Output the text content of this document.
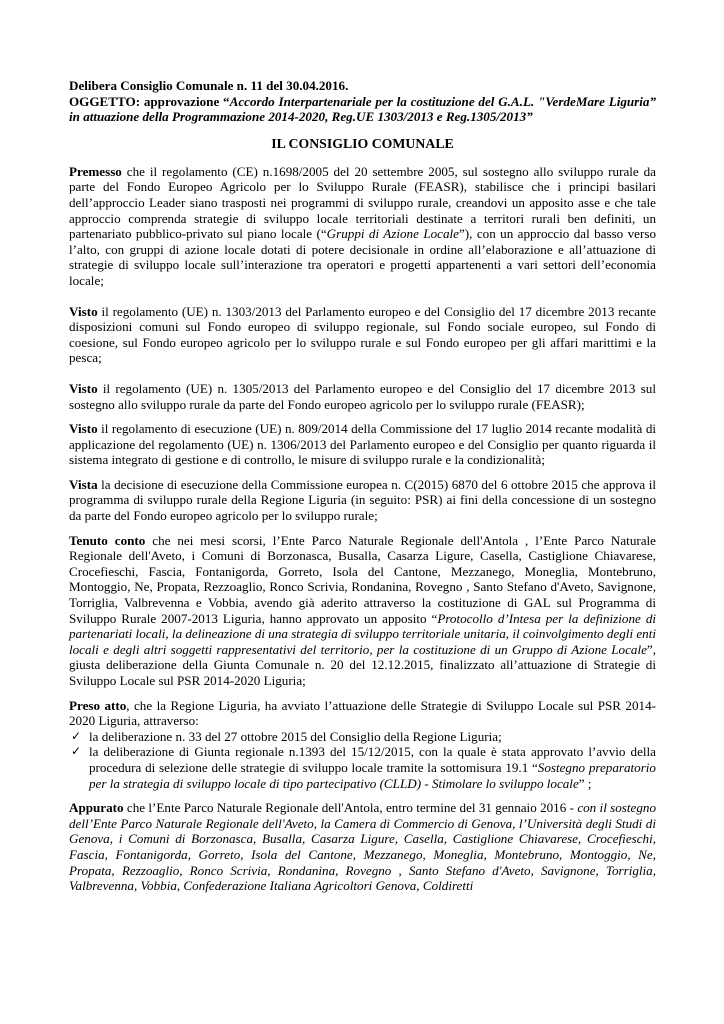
Delibera Consiglio Comunale n. 11 del 30.04.2016.

OGGETTO: approvazione “Accordo Interpartenariale per la costituzione del G.A.L. "VerdeMare Liguria” in attuazione della Programmazione 2014-2020, Reg.UE 1303/2013 e Reg.1305/2013”

IL CONSIGLIO COMUNALE

Premesso che il regolamento (CE) n.1698/2005 del 20 settembre 2005, sul sostegno allo sviluppo rurale da parte del Fondo Europeo Agricolo per lo Sviluppo Rurale (FEASR), stabilisce che i principi basilari dell’approccio Leader siano trasposti nei programmi di sviluppo rurale, creandovi un apposito asse e che tale approccio comprenda strategie di sviluppo locale territoriali destinate a territori rurali ben definiti, un partenariato pubblico-privato sul piano locale (“Gruppi di Azione Locale”), con un approccio dal basso verso l’alto, con gruppi di azione locale dotati di potere decisionale in ordine all’elaborazione e all’attuazione di strategie di sviluppo locale sull’interazione tra operatori e progetti appartenenti a vari settori dell’economia locale;

Visto il regolamento (UE) n. 1303/2013 del Parlamento europeo e del Consiglio del 17 dicembre 2013 recante disposizioni comuni sul Fondo europeo di sviluppo regionale, sul Fondo sociale europeo, sul Fondo di coesione, sul Fondo europeo agricolo per lo sviluppo rurale e sul Fondo europeo per gli affari marittimi e la pesca;

Visto il regolamento (UE) n. 1305/2013 del Parlamento europeo e del Consiglio del 17 dicembre 2013 sul sostegno allo sviluppo rurale da parte del Fondo europeo agricolo per lo sviluppo rurale (FEASR);

Visto il regolamento di esecuzione (UE) n. 809/2014 della Commissione del 17 luglio 2014 recante modalità di applicazione del regolamento (UE) n. 1306/2013 del Parlamento europeo e del Consiglio per quanto riguarda il sistema integrato di gestione e di controllo, le misure di sviluppo rurale e la condizionalità;

Vista la decisione di esecuzione della Commissione europea n. C(2015) 6870 del 6 ottobre 2015 che approva il programma di sviluppo rurale della Regione Liguria (in seguito: PSR) ai fini della concessione di un sostegno da parte del Fondo europeo agricolo per lo sviluppo rurale;

Tenuto conto che nei mesi scorsi, l’Ente Parco Naturale Regionale dell'Antola , l’Ente Parco Naturale Regionale dell'Aveto, i Comuni di Borzonasca, Busalla, Casarza Ligure, Casella, Castiglione Chiavarese, Crocefieschi, Fascia, Fontanigorda, Gorreto, Isola del Cantone, Mezzanego, Moneglia, Montebruno, Montoggio, Ne, Propata, Rezzoaglio, Ronco Scrivia, Rondanina, Rovegno , Santo Stefano d'Aveto, Savignone, Torriglia, Valbrevenna e Vobbia, avendo già aderito attraverso la costituzione di GAL sul Programma di Sviluppo Rurale 2007-2013 Liguria, hanno approvato un apposito “Protocollo d’Intesa per la definizione di partenariati locali, la delineazione di una strategia di sviluppo territoriale unitaria, il coinvolgimento degli enti locali e degli altri soggetti rappresentativi del territorio, per la costituzione di un Gruppo di Azione Locale”, giusta deliberazione della Giunta Comunale n. 20 del 12.12.2015, finalizzato all’attuazione di Strategie di Sviluppo Locale sul PSR 2014-2020 Liguria;

Preso atto, che la Regione Liguria, ha avviato l’attuazione delle Strategie di Sviluppo Locale sul PSR 2014-2020 Liguria, attraverso:

✓ la deliberazione n. 33 del 27 ottobre 2015 del Consiglio della Regione Liguria;
✓ la deliberazione di Giunta regionale n.1393 del 15/12/2015, con la quale è stata approvato l’avvio della procedura di selezione delle strategie di sviluppo locale tramite la sottomisura 19.1 “Sostegno preparatorio per la strategia di sviluppo locale di tipo partecipativo (CLLD) - Stimolare lo sviluppo locale” ;

Appurato che l’Ente Parco Naturale Regionale dell'Antola, entro termine del 31 gennaio 2016 - con il sostegno dell’Ente Parco Naturale Regionale dell'Aveto, la Camera di Commercio di Genova, l’Università degli Studi di Genova, i Comuni di Borzonasca, Busalla, Casarza Ligure, Casella, Castiglione Chiavarese, Crocefieschi, Fascia, Fontanigorda, Gorreto, Isola del Cantone, Mezzanego, Moneglia, Montebruno, Montoggio, Ne, Propata, Rezzoaglio, Ronco Scrivia, Rondanina, Rovegno , Santo Stefano d'Aveto, Savignone, Torriglia, Valbrevenna, Vobbia, Confederazione Italiana Agricoltori Genova, Coldiretti
